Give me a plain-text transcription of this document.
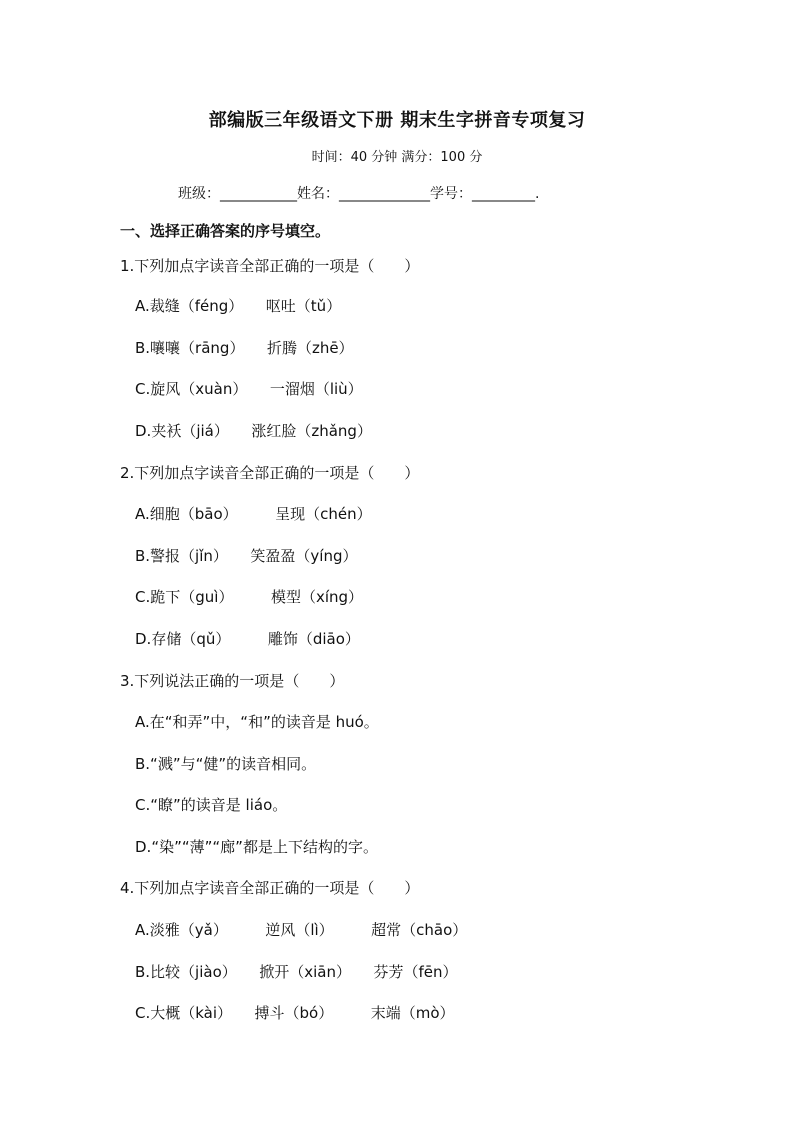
部编版三年级语文下册 期末生字拼音专项复习
时间：40 分钟 满分：100 分
班级：___________姓名：_____________学号：_________.
一、选择正确答案的序号填空。
1.下列加点字读音全部正确的一项是（　　）
A.裁缝（féng）　　呕吐（tǔ）
B.嚷嚷（rāng）　　折腾（zhē）
C.旋风（xuàn）　　一溜烟（liù）
D.夹袄（jiá）　　涨红脸（zhǎng）
2.下列加点字读音全部正确的一项是（　　）
A.细胞（bāo）　　　呈现（chén）
B.警报（jǐn）　　笑盈盈（yíng）
C.跪下（guì）　　　模型（xíng）
D.存储（qǔ）　　　雕饰（diāo）
3.下列说法正确的一项是（　　）
A.在“和弄”中，“和”的读音是 huó。
B.“溅”与“健”的读音相同。
C.“瞭”的读音是 liáo。
D.“染”“薄”“廊”都是上下结构的字。
4.下列加点字读音全部正确的一项是（　　）
A.淡雅（yǎ）　　　逆风（lì）　　　超常（chāo）
B.比较（jiào）　　掀开（xiān）　　芬芳（fēn）
C.大概（kài）　　搏斗（bó）　　　末端（mò）
